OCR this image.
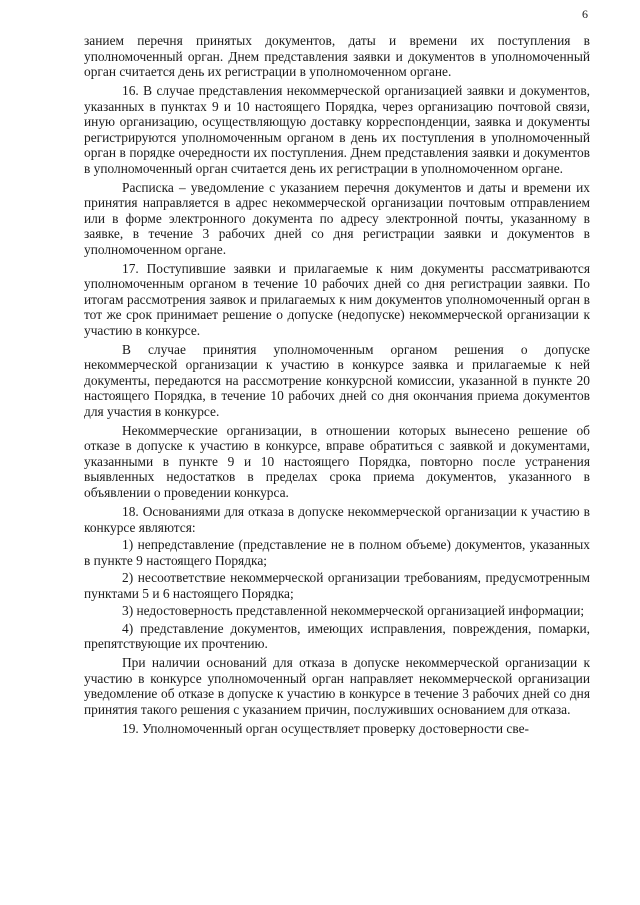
6

занием перечня принятых документов, даты и времени их поступления в уполномоченный орган. Днем представления заявки и документов в уполномоченный орган считается день их регистрации в уполномоченном органе.

16. В случае представления некоммерческой организацией заявки и документов, указанных в пунктах 9 и 10 настоящего Порядка, через организацию почтовой связи, иную организацию, осуществляющую доставку корреспонденции, заявка и документы регистрируются уполномоченным органом в день их поступления в уполномоченный орган в порядке очередности их поступления. Днем представления заявки и документов в уполномоченный орган считается день их регистрации в уполномоченном органе.

Расписка – уведомление с указанием перечня документов и даты и времени их принятия направляется в адрес некоммерческой организации почтовым отправлением или в форме электронного документа по адресу электронной почты, указанному в заявке, в течение 3 рабочих дней со дня регистрации заявки и документов в уполномоченном органе.

17. Поступившие заявки и прилагаемые к ним документы рассматриваются уполномоченным органом в течение 10 рабочих дней со дня регистрации заявки. По итогам рассмотрения заявок и прилагаемых к ним документов уполномоченный орган в тот же срок принимает решение о допуске (недопуске) некоммерческой организации к участию в конкурсе.

В случае принятия уполномоченным органом решения о допуске некоммерческой организации к участию в конкурсе заявка и прилагаемые к ней документы, передаются на рассмотрение конкурсной комиссии, указанной в пункте 20 настоящего Порядка, в течение 10 рабочих дней со дня окончания приема документов для участия в конкурсе.

Некоммерческие организации, в отношении которых вынесено решение об отказе в допуске к участию в конкурсе, вправе обратиться с заявкой и документами, указанными в пункте 9 и 10 настоящего Порядка, повторно после устранения выявленных недостатков в пределах срока приема документов, указанного в объявлении о проведении конкурса.

18. Основаниями для отказа в допуске некоммерческой организации к участию в конкурсе являются:

1) непредставление (представление не в полном объеме) документов, указанных в пункте 9 настоящего Порядка;

2) несоответствие некоммерческой организации требованиям, предусмотренным пунктами 5 и 6 настоящего Порядка;

3) недостоверность представленной некоммерческой организацией информации;

4) представление документов, имеющих исправления, повреждения, помарки, препятствующие их прочтению.

При наличии оснований для отказа в допуске некоммерческой организации к участию в конкурсе уполномоченный орган направляет некоммерческой организации уведомление об отказе в допуске к участию в конкурсе в течение 3 рабочих дней со дня принятия такого решения с указанием причин, послуживших основанием для отказа.

19. Уполномоченный орган осуществляет проверку достоверности све-
